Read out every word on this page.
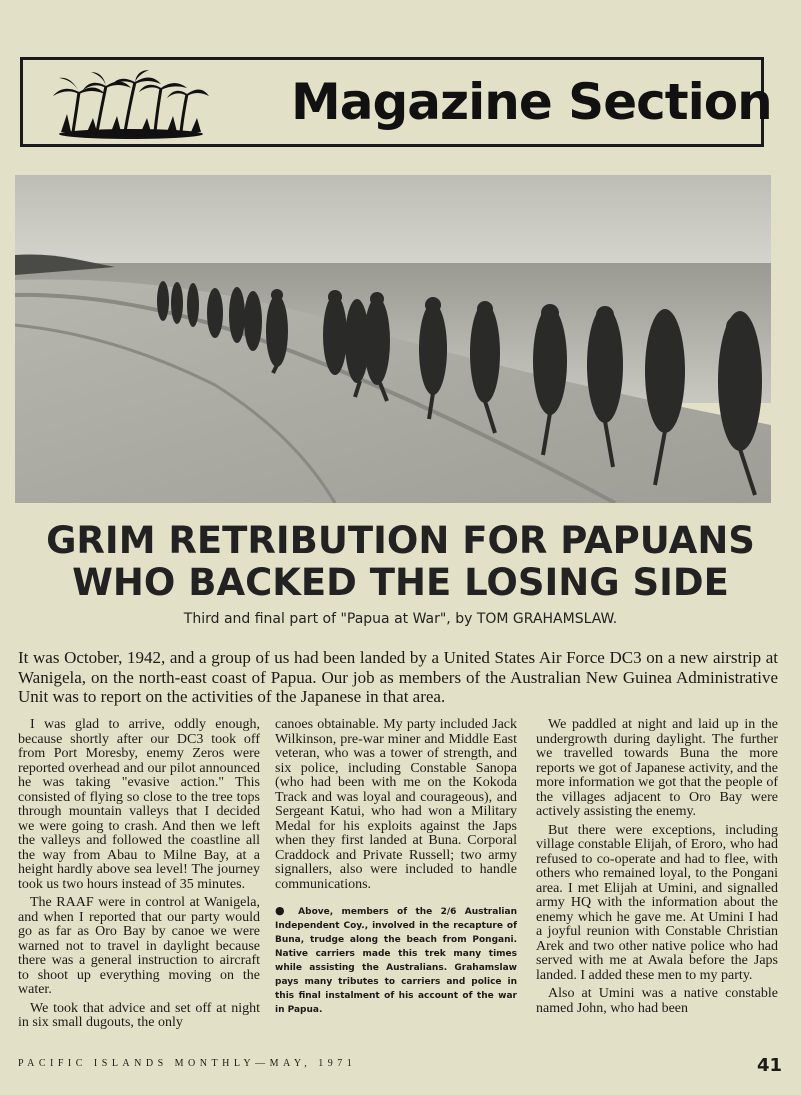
Magazine Section
GRIM RETRIBUTION FOR PAPUANS
WHO BACKED THE LOSING SIDE
Third and final part of "Papua at War", by TOM GRAHAMSLAW.
It was October, 1942, and a group of us had been landed by a United States Air Force DC3 on a new airstrip at Wanigela, on the north-east coast of Papua. Our job as members of the Australian New Guinea Administrative Unit was to report on the activities of the Japanese in that area.

I was glad to arrive, oddly enough, because shortly after our DC3 took off from Port Moresby, enemy Zeros were reported overhead and our pilot announced he was taking "evasive action." This consisted of flying so close to the tree tops through mountain valleys that I decided we were going to crash. And then we left the valleys and followed the coastline all the way from Abau to Milne Bay, at a height hardly above sea level! The journey took us two hours instead of 35 minutes.

The RAAF were in control at Wanigela, and when I reported that our party would go as far as Oro Bay by canoe we were warned not to travel in daylight because there was a general instruction to aircraft to shoot up everything moving on the water.

We took that advice and set off at night in six small dugouts, the only

canoes obtainable. My party included Jack Wilkinson, pre-war miner and Middle East veteran, who was a tower of strength, and six police, including Constable Sanopa (who had been with me on the Kokoda Track and was loyal and courageous), and Sergeant Katui, who had won a Military Medal for his exploits against the Japs when they first landed at Buna. Corporal Craddock and Private Russell; two army signallers, also were included to handle communications.

● Above, members of the 2/6 Australian Independent Coy., involved in the recapture of Buna, trudge along the beach from Pongani. Native carriers made this trek many times while assisting the Australians. Grahamslaw pays many tributes to carriers and police in this final instalment of his account of the war in Papua.

We paddled at night and laid up in the undergrowth during daylight. The further we travelled towards Buna the more reports we got of Japanese activity, and the more information we got that the people of the villages adjacent to Oro Bay were actively assisting the enemy.

But there were exceptions, including village constable Elijah, of Eroro, who had refused to co-operate and had to flee, with others who remained loyal, to the Pongani area. I met Elijah at Umini, and signalled army HQ with the information about the enemy which he gave me. At Umini I had a joyful reunion with Constable Christian Arek and two other native police who had served with me at Awala before the Japs landed. I added these men to my party.

Also at Umini was a native constable named John, who had been

PACIFIC ISLANDS MONTHLY—MAY, 1971	41
